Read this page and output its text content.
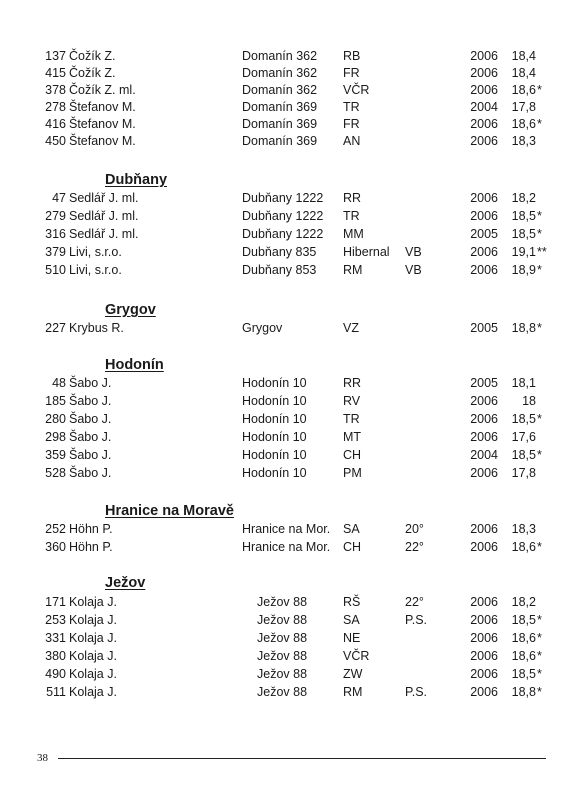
137 Čožík Z.	Domanín 362 RB	2006	18,4
415 Čožík Z.	Domanín 362 FR	2006	18,4
378 Čožík Z. ml.	Domanín 362 VČR	2006	18,6 *
278 Štefanov M.	Domanín 369 TR	2004	17,8
416 Štefanov M.	Domanín 369 FR	2006	18,6 *
450 Štefanov M.	Domanín 369 AN	2006	18,3
Dubňany
47 Sedlář J. ml.	Dubňany 1222 RR	2006	18,2
279 Sedlář J. ml.	Dubňany 1222 TR	2006	18,5 *
316 Sedlář J. ml.	Dubňany 1222 MM	2005	18,5 *
379 Livi, s.r.o.	Dubňany 835 Hibernal VB	2006	19,1 **
510 Livi, s.r.o.	Dubňany 853 RM	VB	2006	18,9 *
Grygov
227 Krybus R.	Grygov	VZ	2005	18,8 *
Hodonín
48 Šabo J.	Hodonín 10	RR	2005	18,1
185 Šabo J.	Hodonín 10	RV	2006	18
280 Šabo J.	Hodonín 10	TR	2006	18,5 *
298 Šabo J.	Hodonín 10	MT	2006	17,6
359 Šabo J.	Hodonín 10	CH	2004	18,5 *
528 Šabo J.	Hodonín 10	PM	2006	17,8
Hranice na Moravě
252 Höhn P.	Hranice na Mor. SA	20°	2006	18,3
360 Höhn P.	Hranice na Mor. CH	22°	2006	18,6 *
Ježov
171 Kolaja J.	Ježov 88	RŠ	22°	2006	18,2
253 Kolaja J.	Ježov 88	SA	P.S.	2006	18,5 *
331 Kolaja J.	Ježov 88	NE	2006	18,6 *
380 Kolaja J.	Ježov 88	VČR	2006	18,6 *
490 Kolaja J.	Ježov 88	ZW	2006	18,5 *
511 Kolaja J.	Ježov 88	RM	P.S.	2006	18,8 *
38
